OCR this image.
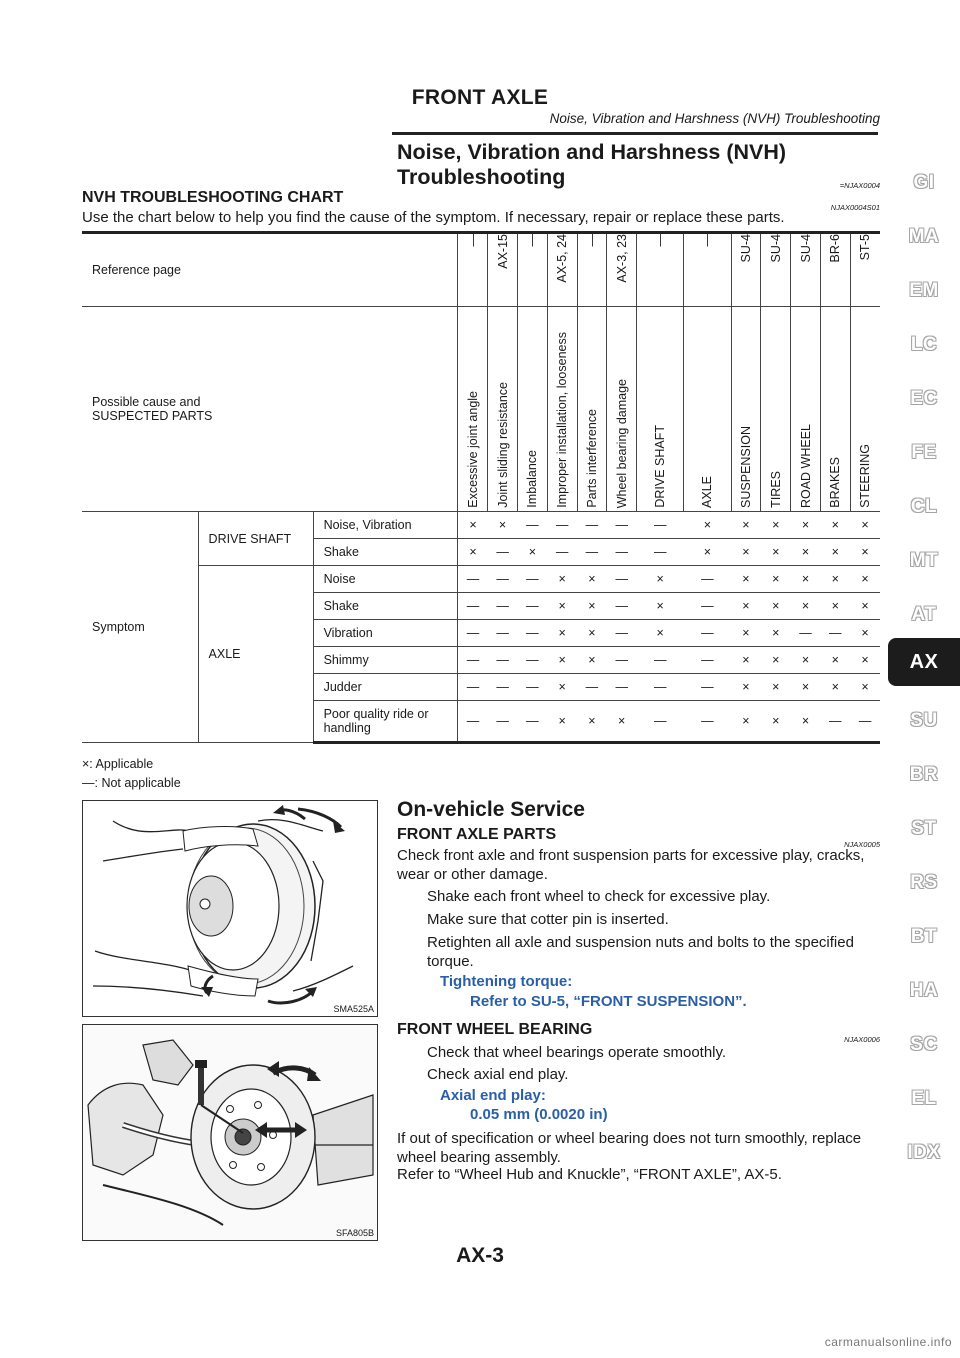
FRONT AXLE
Noise, Vibration and Harshness (NVH) Troubleshooting
Noise, Vibration and Harshness (NVH)
Troubleshooting	=NJAX0004
NVH TROUBLESHOOTING CHART
NJAX0004S01
Use the chart below to help you find the cause of the symptom. If necessary, repair or replace these parts.
Reference page			—	AX-15	—	AX-5, 24	—	AX-3, 23	—	—	SU-4	SU-4	SU-4	BR-6	ST-5

Possible cause and
SUSPECTED PARTS			Excessive joint angle	Joint sliding resistance	Imbalance	Improper installation, looseness	Parts interference	Wheel bearing damage	DRIVE SHAFT	AXLE	SUSPENSION	TIRES	ROAD WHEEL	BRAKES	STEERING
Symptom	DRIVE SHAFT	Noise, Vibration	×	×	—	—	—	—	—	×	×	×	×	×	×
		Shake	×	—	×	—	—	—	—	×	×	×	×	×	×
	AXLE	Noise	—	—	—	×	×	—	×	—	×	×	×	×	×
		Shake	—	—	—	×	×	—	×	—	×	×	×	×	×
		Vibration	—	—	—	×	×	—	×	—	×	×	—	—	×
		Shimmy	—	—	—	×	×	—	—	—	×	×	×	×	×
		Judder	—	—	—	×	—	—	—	—	×	×	×	×	×
		Poor quality ride or handling	—	—	—	×	×	×	—	—	×	×	×	—	—
×: Applicable
—: Not applicable
SMA525A
SFA805B
On-vehicle Service
FRONT AXLE PARTS
NJAX0005
Check front axle and front suspension parts for excessive play, cracks, wear or other damage.
Shake each front wheel to check for excessive play.
Make sure that cotter pin is inserted.
Retighten all axle and suspension nuts and bolts to the specified torque.
Tightening torque:
Refer to SU-5, “FRONT SUSPENSION”.
FRONT WHEEL BEARING
NJAX0006
Check that wheel bearings operate smoothly.
Check axial end play.
Axial end play:
0.05 mm (0.0020 in)
If out of specification or wheel bearing does not turn smoothly, replace wheel bearing assembly.
Refer to “Wheel Hub and Knuckle”, “FRONT AXLE”, AX-5.
AX-3
carmanualsonline.info
GI
MA
EM
LC
EC
FE
CL
MT
AT
AX
SU
BR
ST
RS
BT
HA
SC
EL
IDX
